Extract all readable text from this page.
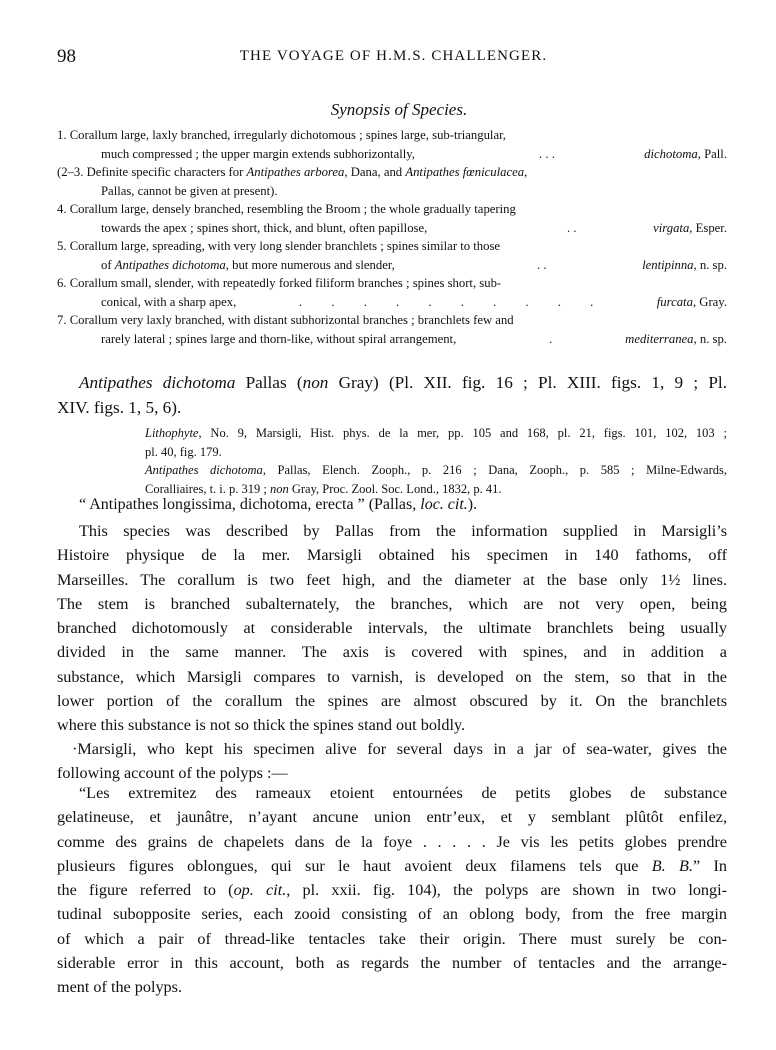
98	THE VOYAGE OF H.M.S. CHALLENGER.
Synopsis of Species.
1. Corallum large, laxly branched, irregularly dichotomous ; spines large, sub-triangular,
much compressed ; the upper margin extends subhorizontally,	. . .	dichotoma, Pall.
(2–3. Definite specific characters for Antipathes arborea, Dana, and Antipathes fœniculacea,
Pallas, cannot be given at present).
4. Corallum large, densely branched, resembling the Broom ; the whole gradually tapering
towards the apex ; spines short, thick, and blunt, often papillose,	. .	virgata, Esper.
5. Corallum large, spreading, with very long slender branchlets ; spines similar to those
of Antipathes dichotoma, but more numerous and slender,	. .	lentipinna, n. sp.
6. Corallum small, slender, with repeatedly forked filiform branches ; spines short, sub-
conical, with a sharp apex,	. . . . . . . . . .	furcata, Gray.
7. Corallum very laxly branched, with distant subhorizontal branches ; branchlets few and
rarely lateral ; spines large and thorn-like, without spiral arrangement,	.	mediterranea, n. sp.
Antipathes dichotoma Pallas (non Gray) (Pl. XII. fig. 16 ; Pl. XIII. figs. 1, 9 ; Pl.
XIV. figs. 1, 5, 6).
Lithophyte, No. 9, Marsigli, Hist. phys. de la mer, pp. 105 and 168, pl. 21, figs. 101, 102, 103 ;
pl. 40, fig. 179.
Antipathes dichotoma, Pallas, Elench. Zooph., p. 216 ; Dana, Zooph., p. 585 ; Milne-Edwards,
Coralliaires, t. i. p. 319 ; non Gray, Proc. Zool. Soc. Lond., 1832, p. 41.
“ Antipathes longissima, dichotoma, erecta ” (Pallas, loc. cit.).
This species was described by Pallas from the information supplied in Marsigli’s
Histoire physique de la mer. Marsigli obtained his specimen in 140 fathoms, off
Marseilles. The corallum is two feet high, and the diameter at the base only 1½ lines.
The stem is branched subalternately, the branches, which are not very open, being
branched dichotomously at considerable intervals, the ultimate branchlets being usually
divided in the same manner. The axis is covered with spines, and in addition a
substance, which Marsigli compares to varnish, is developed on the stem, so that in the
lower portion of the corallum the spines are almost obscured by it. On the branchlets
where this substance is not so thick the spines stand out boldly.
·Marsigli, who kept his specimen alive for several days in a jar of sea-water, gives the
following account of the polyps :—
“Les extremitez des rameaux etoient entournées de petits globes de substance
gelatineuse, et jaunâtre, n’ayant ancune union entr’eux, et y semblant plûtôt enfilez,
comme des grains de chapelets dans de la foye . . . . . Je vis les petits globes prendre
plusieurs figures oblongues, qui sur le haut avoient deux filamens tels que B. B.” In
the figure referred to (op. cit., pl. xxii. fig. 104), the polyps are shown in two longi-
tudinal subopposite series, each zooid consisting of an oblong body, from the free margin
of which a pair of thread-like tentacles take their origin. There must surely be con-
siderable error in this account, both as regards the number of tentacles and the arrange-
ment of the polyps.
